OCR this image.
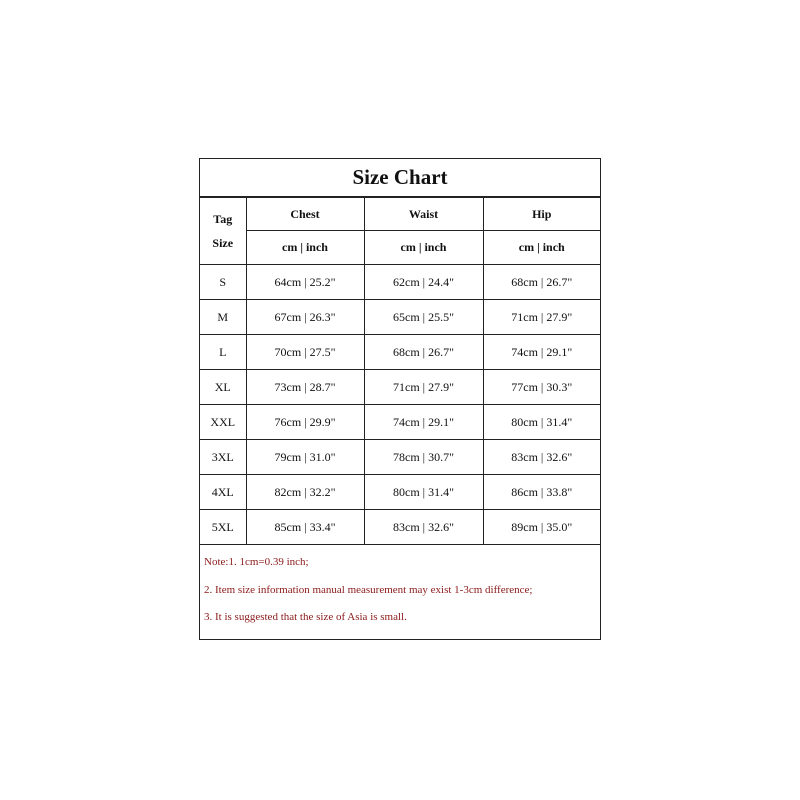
Size Chart
Tag
Size	Chest	Waist	Hip
	cm | inch	cm | inch	cm | inch
S	64cm | 25.2"	62cm | 24.4"	68cm | 26.7"
M	67cm | 26.3"	65cm | 25.5"	71cm | 27.9"
L	70cm | 27.5"	68cm | 26.7"	74cm | 29.1"
XL	73cm | 28.7"	71cm | 27.9"	77cm | 30.3"
XXL	76cm | 29.9"	74cm | 29.1"	80cm | 31.4"
3XL	79cm | 31.0"	78cm | 30.7"	83cm | 32.6"
4XL	82cm | 32.2"	80cm | 31.4"	86cm | 33.8"
5XL	85cm | 33.4"	83cm | 32.6"	89cm | 35.0"
Note:1. 1cm=0.39 inch;
2. Item size information manual measurement may exist 1-3cm difference;
3. It is suggested that the size of Asia is small.
